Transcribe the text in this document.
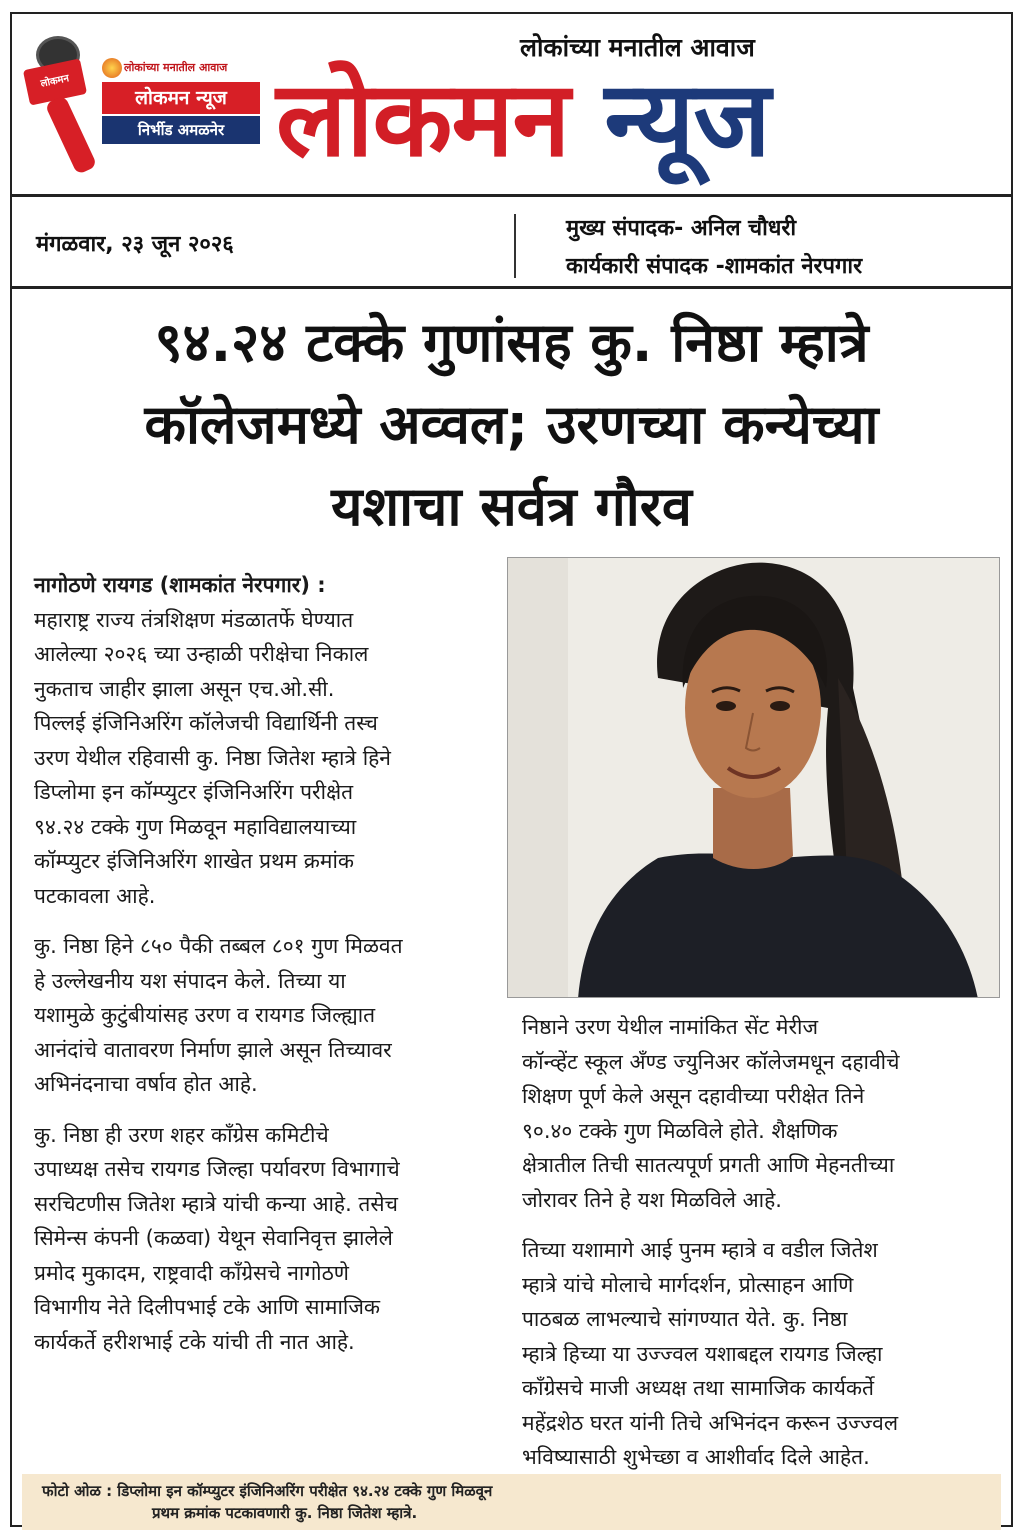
लोकमन
लोकांच्या मनातील आवाज
लोकमन न्यूज
निर्भीड अमळनेर
लोकांच्या मनातील आवाज
लोकमन न्यूज
मंगळवार, २३ जून २०२६
मुख्य संपादक- अनिल चौधरी
कार्यकारी संपादक -शामकांत नेरपगार
९४.२४ टक्के गुणांसह कु. निष्ठा म्हात्रे
कॉलेजमध्ये अव्वल; उरणच्या कन्येच्या
यशाचा सर्वत्र गौरव

नागोठणे रायगड (शामकांत नेरपगार) :

महाराष्ट्र राज्य तंत्रशिक्षण मंडळातर्फे घेण्यात

आलेल्या २०२६ च्या उन्हाळी परीक्षेचा निकाल

नुकताच जाहीर झाला असून एच.ओ.सी.

पिल्लई इंजिनिअरिंग कॉलेजची विद्यार्थिनी तस्च

उरण येथील रहिवासी कु. निष्ठा जितेश म्हात्रे हिने

डिप्लोमा इन कॉम्प्युटर इंजिनिअरिंग परीक्षेत

९४.२४ टक्के गुण मिळवून महाविद्यालयाच्या

कॉम्प्युटर इंजिनिअरिंग शाखेत प्रथम क्रमांक

पटकावला आहे.

कु. निष्ठा हिने ८५० पैकी तब्बल ८०१ गुण मिळवत

हे उल्लेखनीय यश संपादन केले. तिच्या या

यशामुळे कुटुंबीयांसह उरण व रायगड जिल्ह्यात

आनंदांचे वातावरण निर्माण झाले असून तिच्यावर

अभिनंदनाचा वर्षाव होत आहे.

कु. निष्ठा ही उरण शहर कॉंग्रेस कमिटीचे

उपाध्यक्ष तसेच रायगड जिल्हा पर्यावरण विभागाचे

सरचिटणीस जितेश म्हात्रे यांची कन्या आहे. तसेच

सिमेन्स कंपनी (कळवा) येथून सेवानिवृत्त झालेले

प्रमोद मुकादम, राष्ट्रवादी कॉंग्रेसचे नागोठणे

विभागीय नेते दिलीपभाई टके आणि सामाजिक

कार्यकर्ते हरीशभाई टके यांची ती नात आहे.

निष्ठाने उरण येथील नामांकित सेंट मेरीज

कॉन्व्हेंट स्कूल अँण्ड ज्युनिअर कॉलेजमधून दहावीचे

शिक्षण पूर्ण केले असून दहावीच्या परीक्षेत तिने

९०.४० टक्के गुण मिळविले होते. शैक्षणिक

क्षेत्रातील तिची सातत्यपूर्ण प्रगती आणि मेहनतीच्या

जोरावर तिने हे यश मिळविले आहे.

तिच्या यशामागे आई पुनम म्हात्रे व वडील जितेश

म्हात्रे यांचे मोलाचे मार्गदर्शन, प्रोत्साहन आणि

पाठबळ लाभल्याचे सांगण्यात येते. कु. निष्ठा

म्हात्रे हिच्या या उज्ज्वल यशाबद्दल रायगड जिल्हा

कॉंग्रेसचे माजी अध्यक्ष तथा सामाजिक कार्यकर्ते

महेंद्रशेठ घरत यांनी तिचे अभिनंदन करून उज्ज्वल

भविष्यासाठी शुभेच्छा व आशीर्वाद दिले आहेत.

फोटो ओळ : डिप्लोमा इन कॉम्प्युटर इंजिनिअरिंग परीक्षेत ९४.२४ टक्के गुण मिळवून
प्रथम क्रमांक पटकावणारी कु. निष्ठा जितेश म्हात्रे.
